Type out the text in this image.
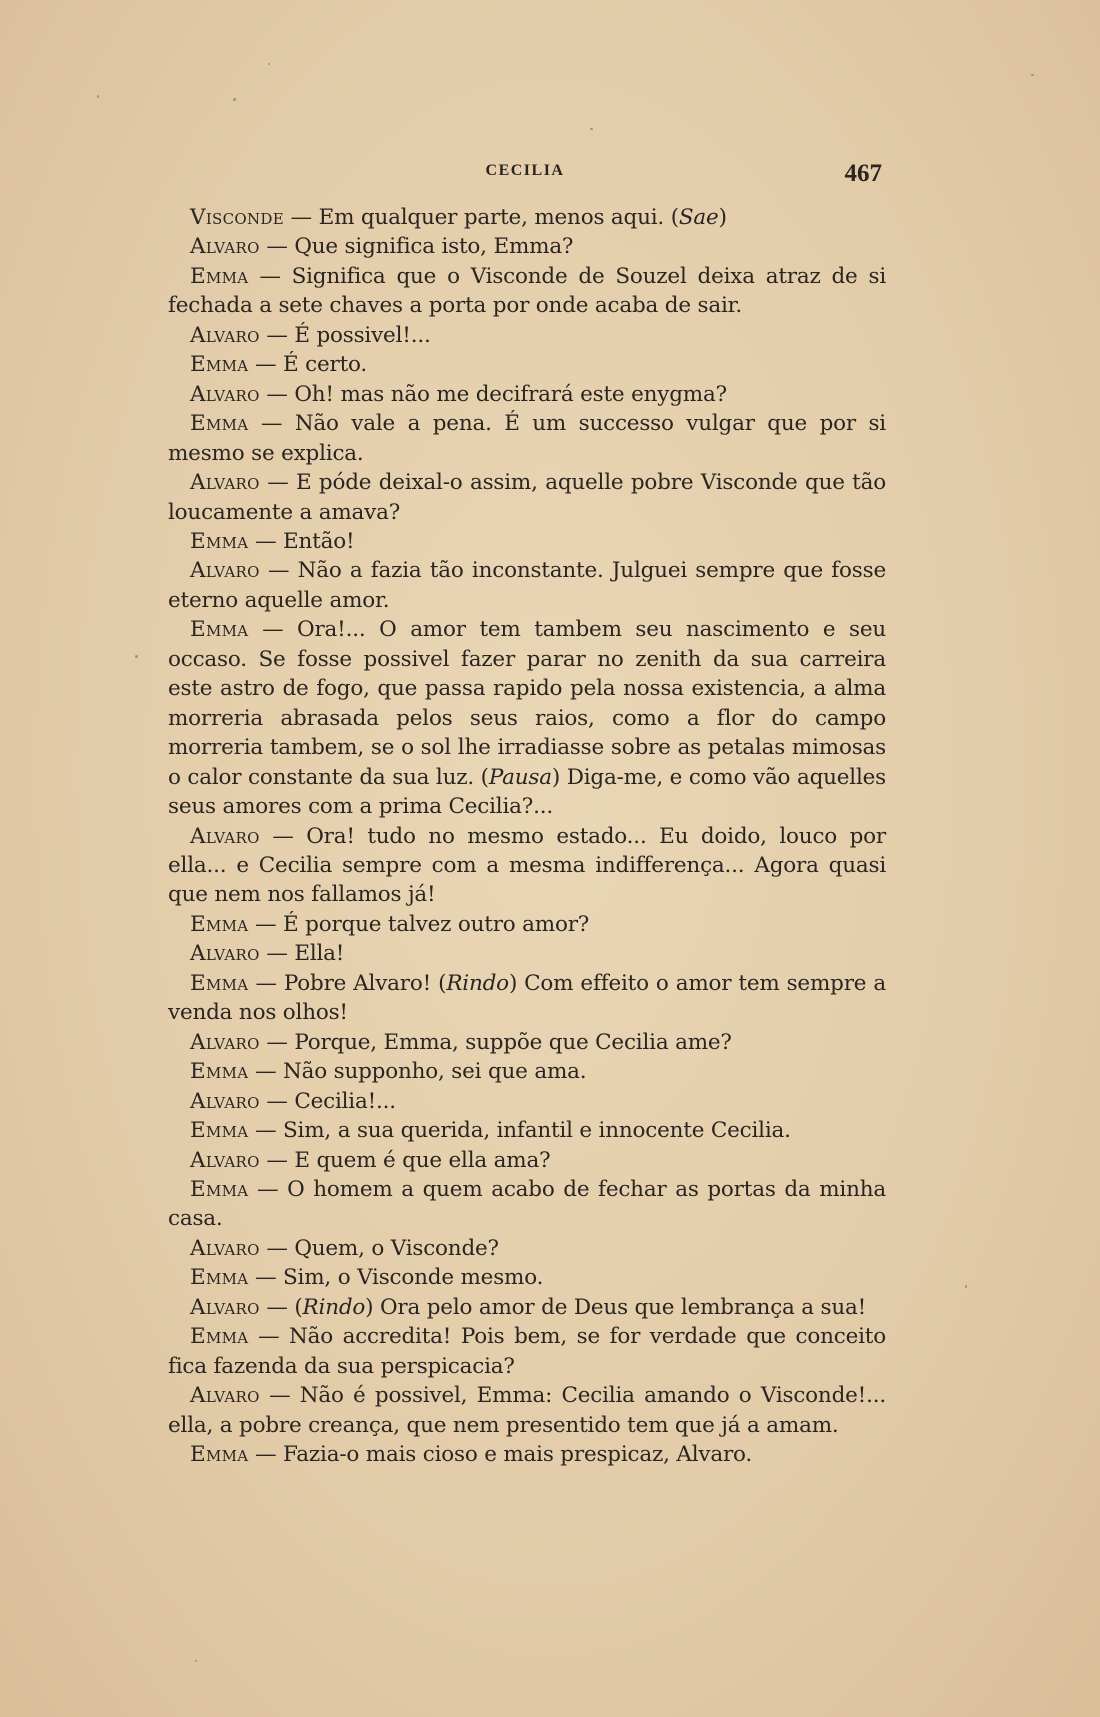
CECILIA	467

Visconde — Em qualquer parte, menos aqui. (Sae)

Alvaro — Que significa isto, Emma?

Emma — Significa que o Visconde de Souzel deixa atraz de si fechada a sete chaves a porta por onde acaba de sair.

Alvaro — É possivel!...

Emma — É certo.

Alvaro — Oh! mas não me decifrará este enygma?

Emma — Não vale a pena. É um successo vulgar que por si mesmo se explica.

Alvaro — E póde deixal-o assim, aquelle pobre Visconde que tão loucamente a amava?

Emma — Então!

Alvaro — Não a fazia tão inconstante. Julguei sempre que fosse eterno aquelle amor.

Emma — Ora!... O amor tem tambem seu nascimento e seu occaso. Se fosse possivel fazer parar no zenith da sua carreira este astro de fogo, que passa rapido pela nossa existencia, a alma morreria abrasada pelos seus raios, como a flor do campo morreria tambem, se o sol lhe irradiasse sobre as petalas mimosas o calor constante da sua luz. (Pausa) Diga-me, e como vão aquelles seus amores com a prima Cecilia?...

Alvaro — Ora! tudo no mesmo estado... Eu doido, louco por ella... e Cecilia sempre com a mesma indifferença... Agora quasi que nem nos fallamos já!

Emma — É porque talvez outro amor?

Alvaro — Ella!

Emma — Pobre Alvaro! (Rindo) Com effeito o amor tem sempre a venda nos olhos!

Alvaro — Porque, Emma, suppõe que Cecilia ame?

Emma — Não supponho, sei que ama.

Alvaro — Cecilia!...

Emma — Sim, a sua querida, infantil e innocente Cecilia.

Alvaro — E quem é que ella ama?

Emma — O homem a quem acabo de fechar as portas da minha casa.

Alvaro — Quem, o Visconde?

Emma — Sim, o Visconde mesmo.

Alvaro — (Rindo) Ora pelo amor de Deus que lembrança a sua!

Emma — Não accredita! Pois bem, se for verdade que conceito fica fazenda da sua perspicacia?

Alvaro — Não é possivel, Emma: Cecilia amando o Visconde!... ella, a pobre creança, que nem presentido tem que já a amam.

Emma — Fazia-o mais cioso e mais prespicaz, Alvaro.
